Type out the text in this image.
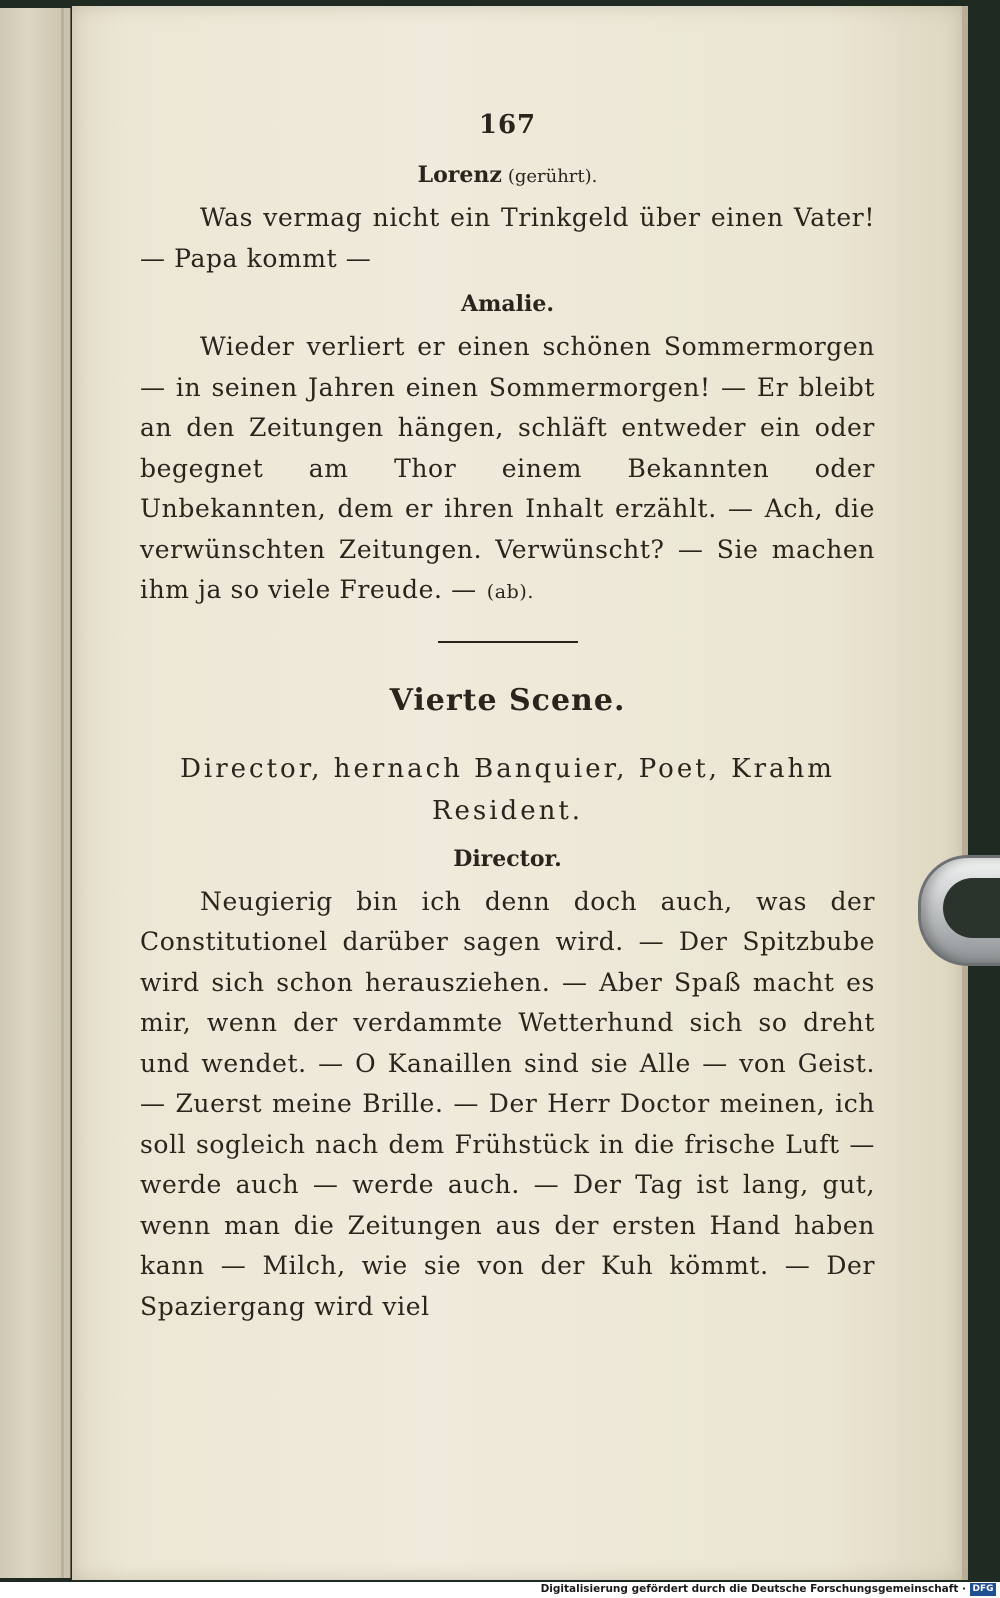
167
Lorenz (gerührt).

Was vermag nicht ein Trinkgeld über einen Vater! — Papa kommt —

Amalie.

Wieder verliert er einen schönen Sommermorgen — in seinen Jahren einen Sommermorgen! — Er bleibt an den Zeitungen hängen, schläft entweder ein oder begegnet am Thor einem Bekannten oder Unbekannten, dem er ihren Inhalt erzählt. — Ach, die verwünschten Zeitungen. Verwünscht? — Sie machen ihm ja so viele Freude. — (ab).

Vierte Scene.
Director, hernach Banquier, Poet, Krahm Resident.
Director.

Neugierig bin ich denn doch auch, was der Constitutionel darüber sagen wird. — Der Spitzbube wird sich schon herausziehen. — Aber Spaß macht es mir, wenn der verdammte Wetterhund sich so dreht und wendet. — O Kanaillen sind sie Alle — von Geist. — Zuerst meine Brille. — Der Herr Doctor meinen, ich soll sogleich nach dem Frühstück in die frische Luft — werde auch — werde auch. — Der Tag ist lang, gut, wenn man die Zeitungen aus der ersten Hand haben kann — Milch, wie sie von der Kuh kömmt. — Der Spaziergang wird viel

Digitalisierung gefördert durch die Deutsche Forschungsgemeinschaft · DFG
